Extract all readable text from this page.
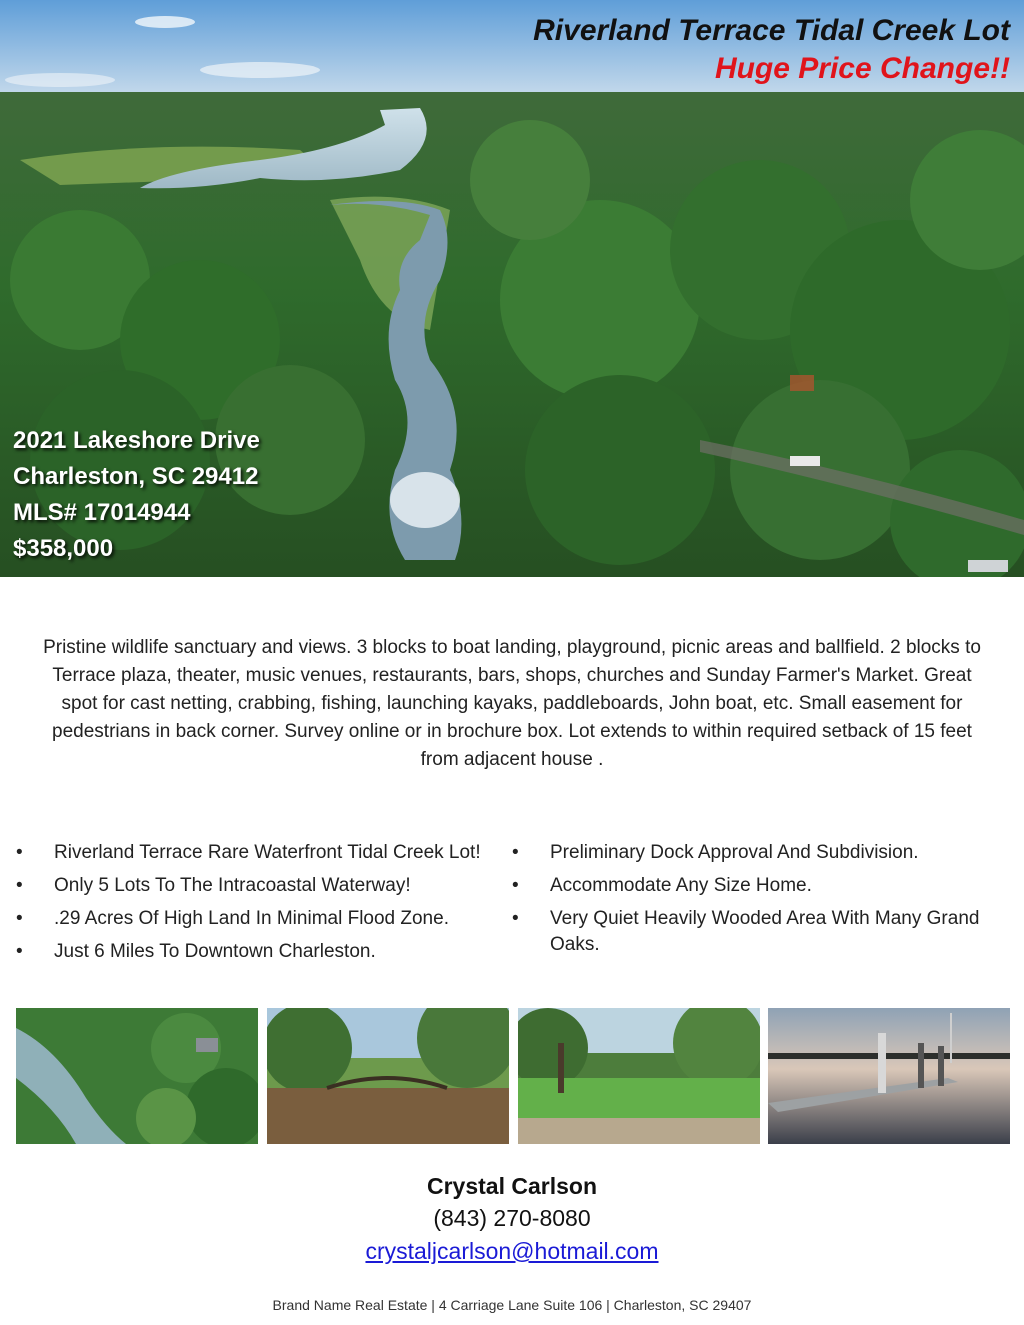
Riverland Terrace Tidal Creek Lot
Huge Price Change!!
2021 Lakeshore Drive
Charleston, SC 29412
MLS# 17014944
$358,000

Pristine wildlife sanctuary and views. 3 blocks to boat landing, playground, picnic areas and ballfield. 2 blocks to Terrace plaza, theater, music venues, restaurants, bars, shops, churches and Sunday Farmer's Market. Great spot for cast netting, crabbing, fishing, launching kayaks, paddleboards, John boat, etc. Small easement for pedestrians in back corner. Survey online or in brochure box. Lot extends to within required setback of 15 feet from adjacent house .

• Riverland Terrace Rare Waterfront Tidal Creek Lot!
• Only 5 Lots To The Intracoastal Waterway!
• .29 Acres Of High Land In Minimal Flood Zone.
• Just 6 Miles To Downtown Charleston.
• Preliminary Dock Approval And Subdivision.
• Accommodate Any Size Home.
• Very Quiet Heavily Wooded Area With Many Grand Oaks.
Crystal Carlson
(843) 270-8080
crystaljcarlson@hotmail.com
Brand Name Real Estate | 4 Carriage Lane Suite 106 | Charleston, SC 29407
